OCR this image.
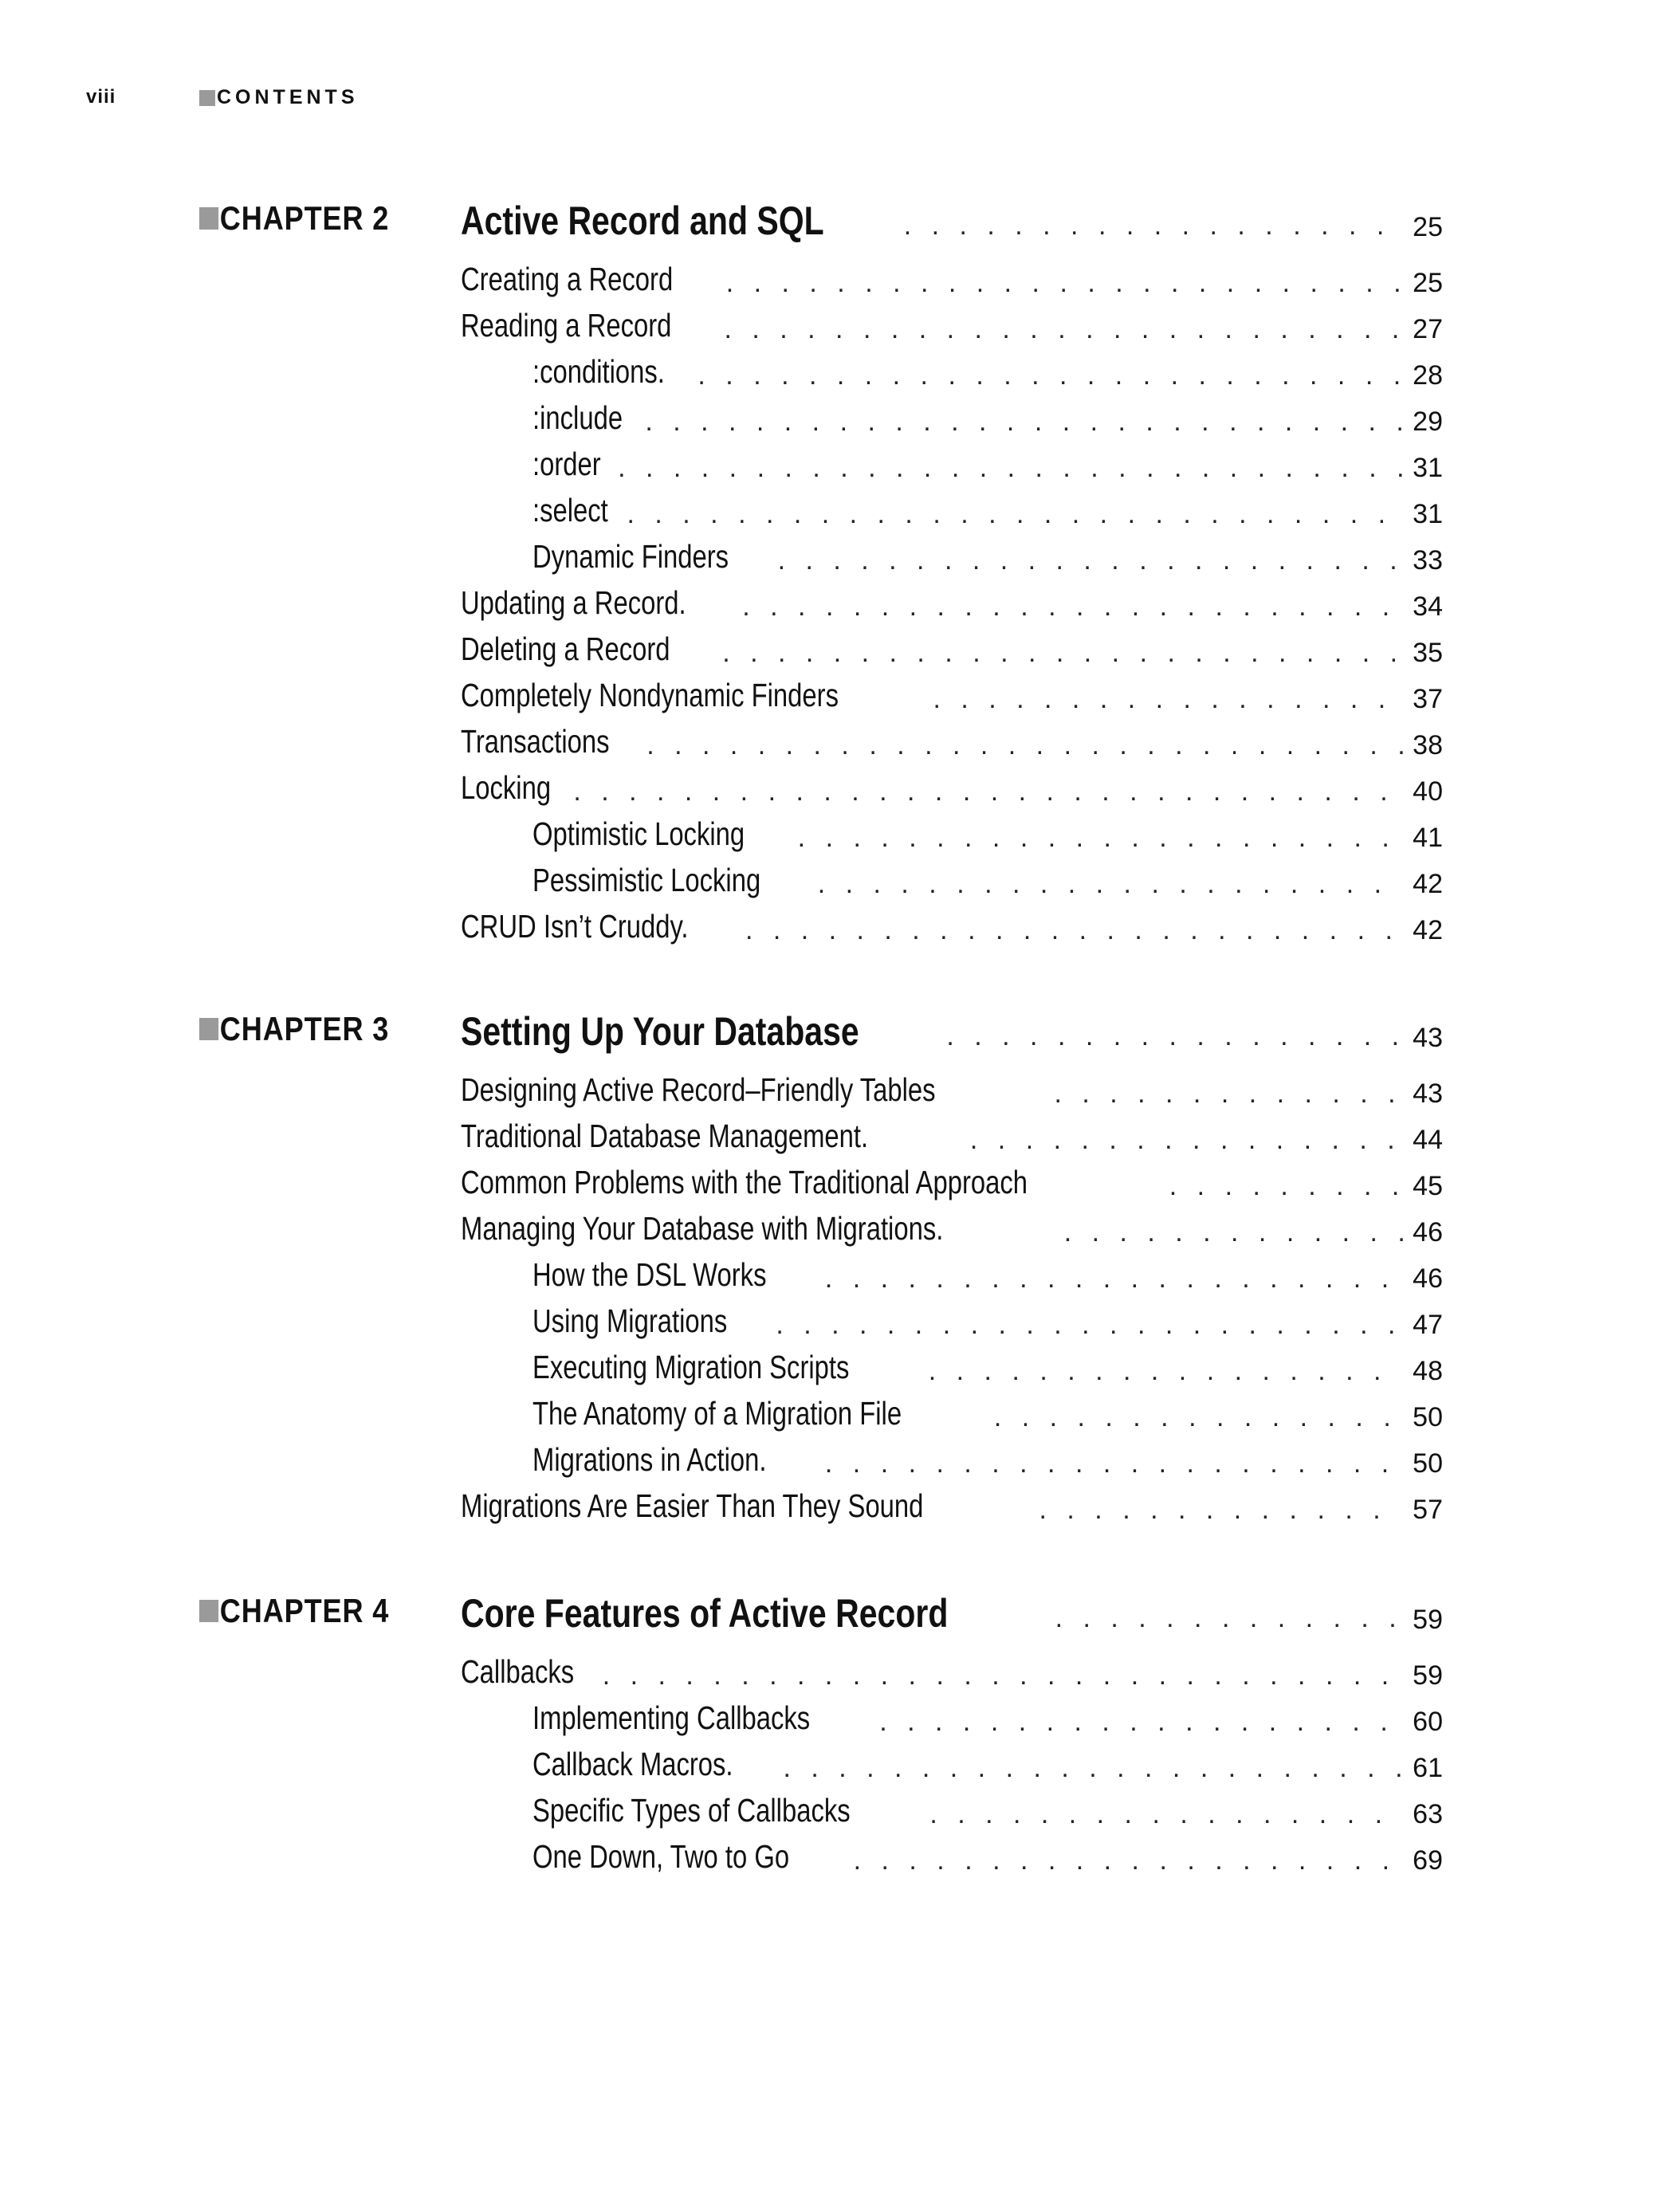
viii	CONTENTS
CHAPTER 2 Active Record and SQL . . .	25
Creating a Record . . .	25
Reading a Record . . .	27
:conditions. . . .	28
:include . . .	29
:order . . .	31
:select . . .	31
Dynamic Finders . . .	33
Updating a Record. . . .	34
Deleting a Record . . .	35
Completely Nondynamic Finders . . .	37
Transactions . . .	38
Locking . . .	40
Optimistic Locking . . .	41
Pessimistic Locking . . .	42
CRUD Isn’t Cruddy. . . .	42
CHAPTER 3 Setting Up Your Database . . .	43
Designing Active Record–Friendly Tables . . .	43
Traditional Database Management. . . .	44
Common Problems with the Traditional Approach . . .	45
Managing Your Database with Migrations. . . .	46
How the DSL Works . . .	46
Using Migrations . . .	47
Executing Migration Scripts . . .	48
The Anatomy of a Migration File . . .	50
Migrations in Action. . . .	50
Migrations Are Easier Than They Sound . . .	57
CHAPTER 4 Core Features of Active Record . . .	59
Callbacks . . .	59
Implementing Callbacks . . .	60
Callback Macros. . . .	61
Specific Types of Callbacks . . .	63
One Down, Two to Go . . .	69
